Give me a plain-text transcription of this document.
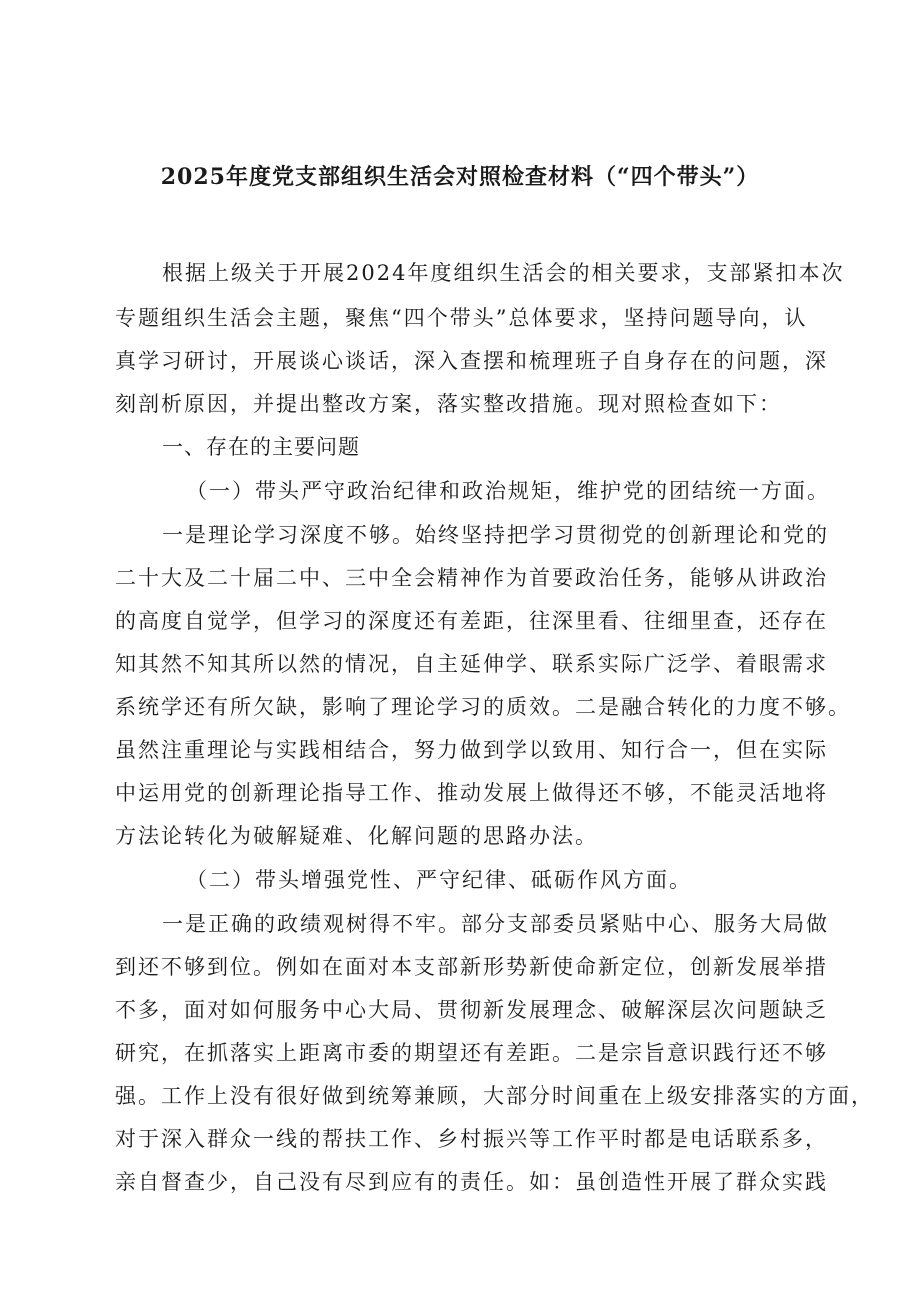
2025年度党支部组织生活会对照检查材料（“四个带头”）
根据上级关于开展2024年度组织生活会的相关要求，支部紧扣本次
专题组织生活会主题，聚焦“四个带头”总体要求，坚持问题导向，认
真学习研讨，开展谈心谈话，深入查摆和梳理班子自身存在的问题，深
刻剖析原因，并提出整改方案，落实整改措施。现对照检查如下：
一、存在的主要问题
（一）带头严守政治纪律和政治规矩，维护党的团结统一方面。
一是理论学习深度不够。始终坚持把学习贯彻党的创新理论和党的
二十大及二十届二中、三中全会精神作为首要政治任务，能够从讲政治
的高度自觉学，但学习的深度还有差距，往深里看、往细里查，还存在
知其然不知其所以然的情况，自主延伸学、联系实际广泛学、着眼需求
系统学还有所欠缺，影响了理论学习的质效。二是融合转化的力度不够。
虽然注重理论与实践相结合，努力做到学以致用、知行合一，但在实际
中运用党的创新理论指导工作、推动发展上做得还不够，不能灵活地将
方法论转化为破解疑难、化解问题的思路办法。
（二）带头增强党性、严守纪律、砥砺作风方面。
一是正确的政绩观树得不牢。部分支部委员紧贴中心、服务大局做
到还不够到位。例如在面对本支部新形势新使命新定位，创新发展举措
不多，面对如何服务中心大局、贯彻新发展理念、破解深层次问题缺乏
研究，在抓落实上距离市委的期望还有差距。二是宗旨意识践行还不够
强。工作上没有很好做到统筹兼顾，大部分时间重在上级安排落实的方面，
对于深入群众一线的帮扶工作、乡村振兴等工作平时都是电话联系多，
亲自督查少，自己没有尽到应有的责任。如：虽创造性开展了群众实践
